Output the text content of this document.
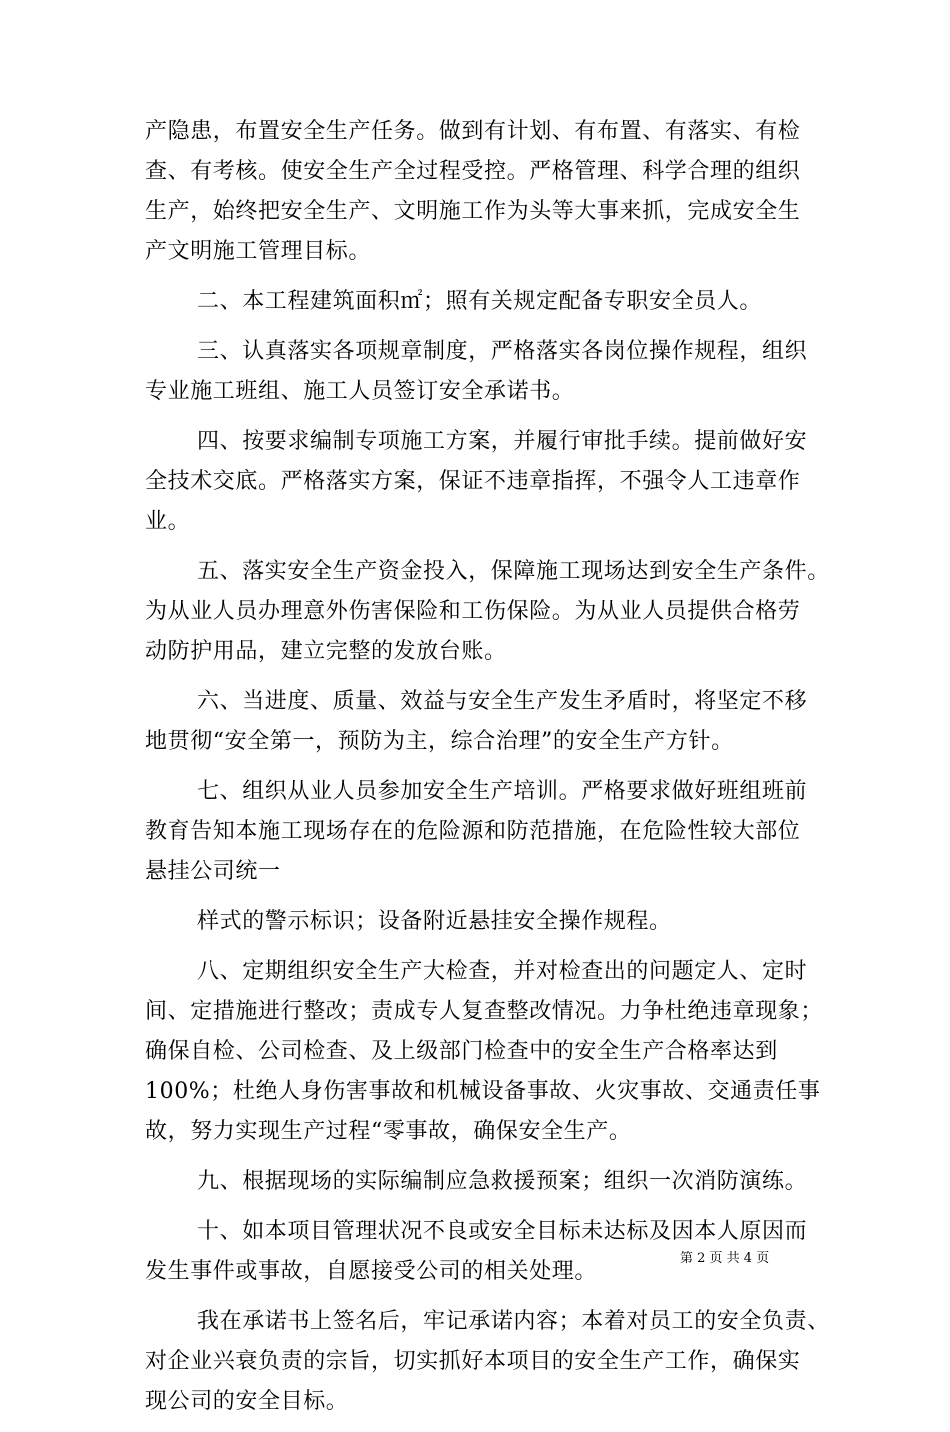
产隐患，布置安全生产任务。做到有计划、有布置、有落实、有检
查、有考核。使安全生产全过程受控。严格管理、科学合理的组织
生产，始终把安全生产、文明施工作为头等大事来抓，完成安全生
产文明施工管理目标。
二、本工程建筑面积㎡；照有关规定配备专职安全员人。
三、认真落实各项规章制度，严格落实各岗位操作规程，组织
专业施工班组、施工人员签订安全承诺书。
四、按要求编制专项施工方案，并履行审批手续。提前做好安
全技术交底。严格落实方案，保证不违章指挥，不强令人工违章作
业。
五、落实安全生产资金投入，保障施工现场达到安全生产条件。
为从业人员办理意外伤害保险和工伤保险。为从业人员提供合格劳
动防护用品，建立完整的发放台账。
六、当进度、质量、效益与安全生产发生矛盾时，将坚定不移
地贯彻“安全第一，预防为主，综合治理”的安全生产方针。
七、组织从业人员参加安全生产培训。严格要求做好班组班前
教育告知本施工现场存在的危险源和防范措施，在危险性较大部位
悬挂公司统一
样式的警示标识；设备附近悬挂安全操作规程。
八、定期组织安全生产大检查，并对检查出的问题定人、定时
间、定措施进行整改；责成专人复查整改情况。力争杜绝违章现象；
确保自检、公司检查、及上级部门检查中的安全生产合格率达到
100%；杜绝人身伤害事故和机械设备事故、火灾事故、交通责任事
故，努力实现生产过程“零事故，确保安全生产。
九、根据现场的实际编制应急救援预案；组织一次消防演练。
十、如本项目管理状况不良或安全目标未达标及因本人原因而
发生事件或事故，自愿接受公司的相关处理。
我在承诺书上签名后，牢记承诺内容；本着对员工的安全负责、
对企业兴衰负责的宗旨，切实抓好本项目的安全生产工作，确保实
现公司的安全目标。
第 2 页 共 4 页
